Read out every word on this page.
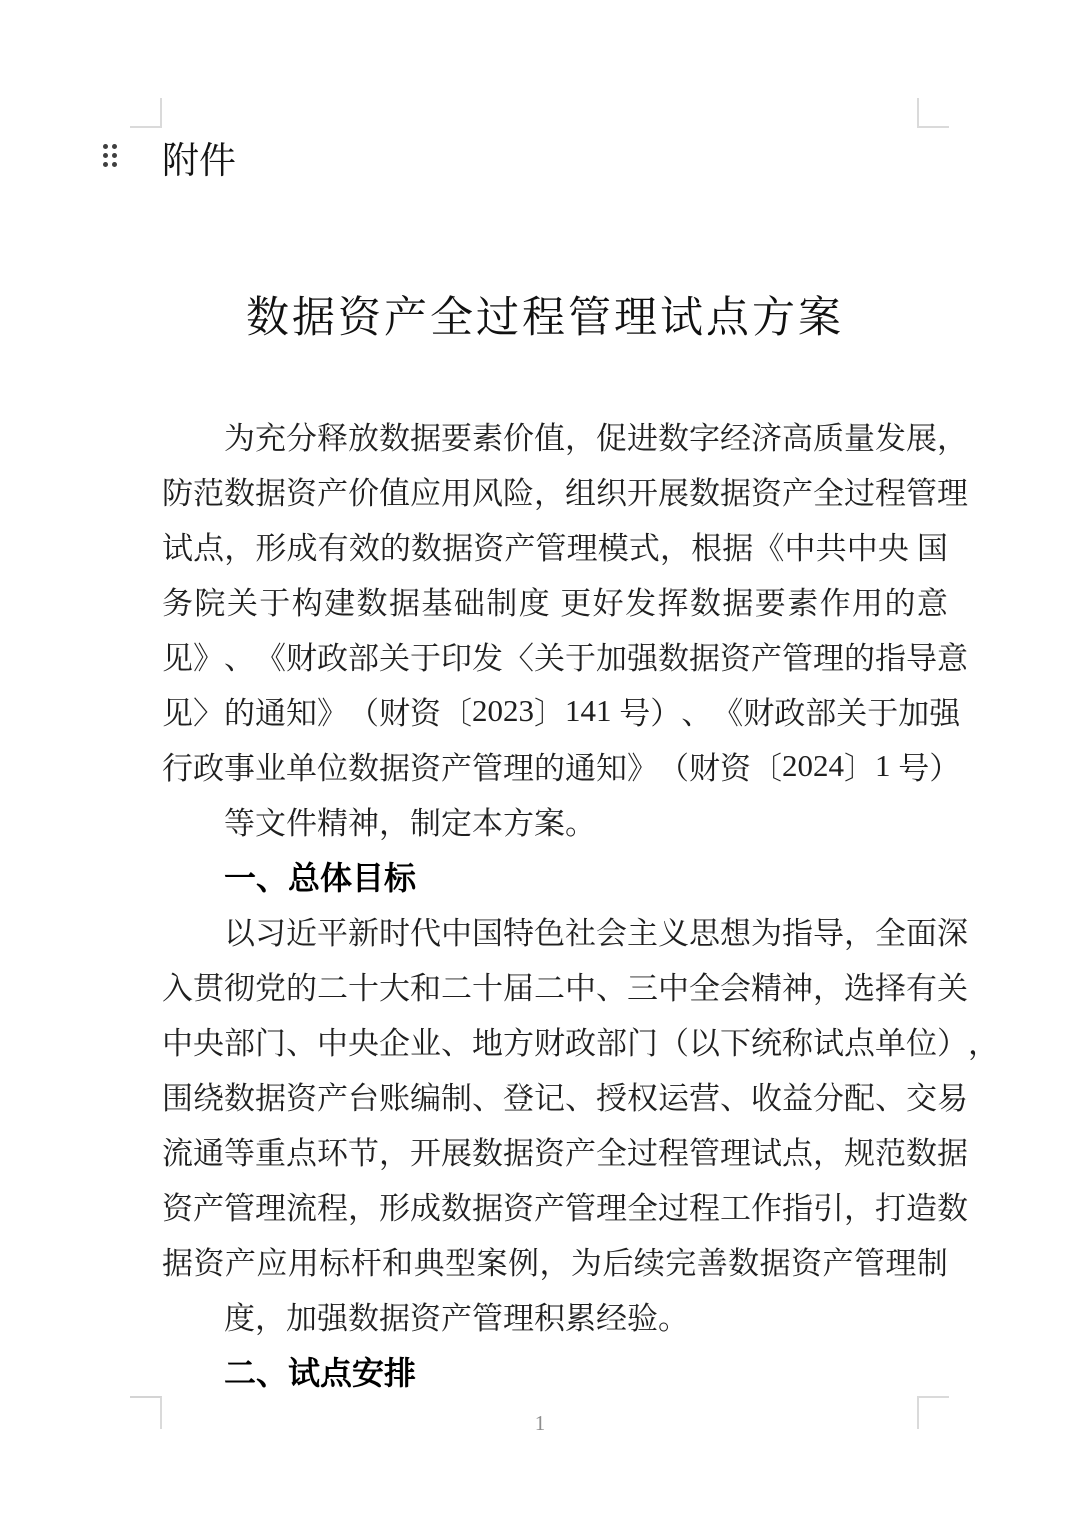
附件
数据资产全过程管理试点方案
为 充 分 释 放 数 据 要 素 价 值 ， 促 进 数 字 经 济 高 质 量 发 展 ，
防 范 数 据 资 产 价 值 应 用 风 险 ， 组 织 开 展 数 据 资 产 全 过 程 管 理
试 点 ， 形 成 有 效 的 数 据 资 产 管 理 模 式 ， 根 据 《 中 共 中 央
国
务 院 关 于 构 建 数 据 基 础 制 度
更 好 发 挥 数 据 要 素 作 用 的 意
见 》 、 《 财 政 部 关 于 印 发 〈 关 于 加 强 数 据 资 产 管 理 的 指 导 意
见 〉 的 通 知 》 （ 财 资 〔 2023 〕 141
号 ） 、 《 财 政 部 关 于 加 强
行 政 事 业 单 位 数 据 资 产 管 理 的 通 知 》 （ 财 资 〔 2024 〕 1
号 ）
等文件精神，制定本方案。
一、总体目标
以 习 近 平 新 时 代 中 国 特 色 社 会 主 义 思 想 为 指 导 ， 全 面 深
入 贯 彻 党 的 二 十 大 和 二 十 届 二 中 、 三 中 全 会 精 神 ， 选 择 有 关
中 央 部 门 、 中 央 企 业 、 地 方 财 政 部 门 （ 以 下 统 称 试 点 单 位 ） ，
围 绕 数 据 资 产 台 账 编 制 、 登 记 、 授 权 运 营 、 收 益 分 配 、 交 易
流 通 等 重 点 环 节 ， 开 展 数 据 资 产 全 过 程 管 理 试 点 ， 规 范 数 据
资 产 管 理 流 程 ， 形 成 数 据 资 产 管 理 全 过 程 工 作 指 引 ， 打 造 数
据 资 产 应 用 标 杆 和 典 型 案 例 ， 为 后 续 完 善 数 据 资 产 管 理 制
度，加强数据资产管理积累经验。
二、试点安排
1
